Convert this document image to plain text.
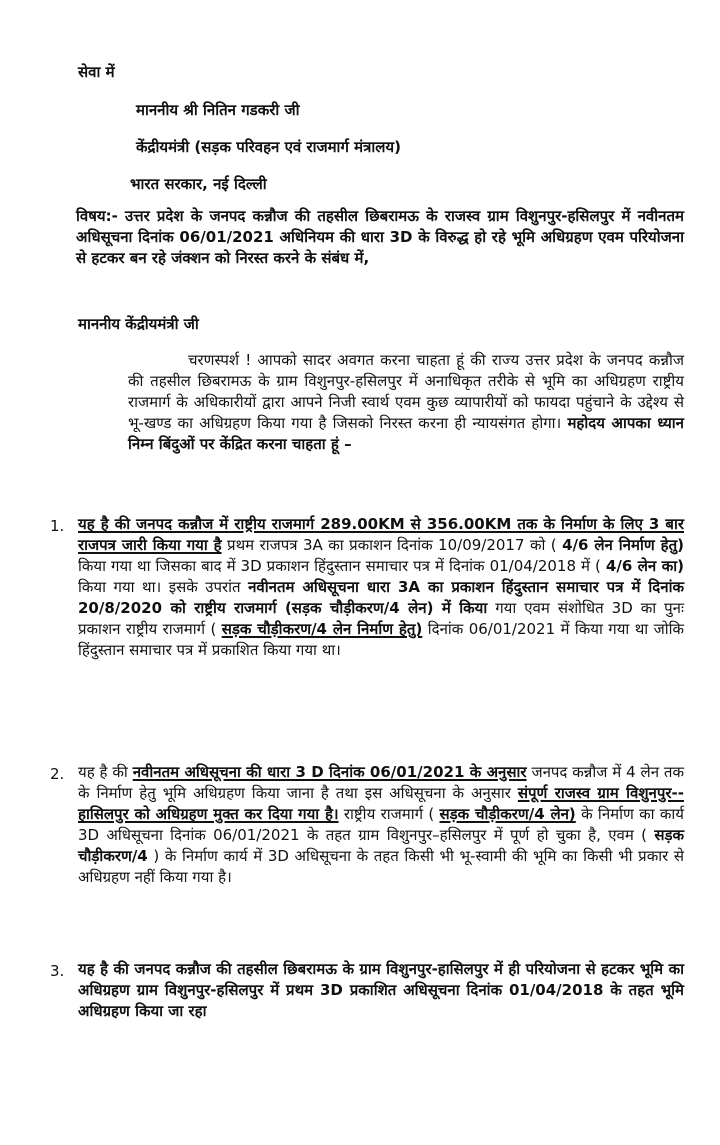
सेवा में
माननीय श्री नितिन गडकरी जी
केंद्रीयमंत्री (सड़क परिवहन एवं राजमार्ग मंत्रालय)
भारत सरकार, नई दिल्ली
विषय:- उत्तर प्रदेश के जनपद कन्नौज की तहसील छिबरामऊ के राजस्व ग्राम विशुनपुर-हसिलपुर में नवीनतम अधिसूचना दिनांक 06/01/2021 अधिनियम की धारा 3D के विरुद्ध हो रहे भूमि अधिग्रहण एवम परियोजना से हटकर बन रहे जंक्शन को निरस्त करने के संबंध में,
माननीय केंद्रीयमंत्री जी
चरणस्पर्श ! आपको सादर अवगत करना चाहता हूं की राज्य उत्तर प्रदेश के जनपद कन्नौज की तहसील छिबरामऊ के ग्राम विशुनपुर-हसिलपुर में अनाधिकृत तरीके से भूमि का अधिग्रहण राष्ट्रीय राजमार्ग के अधिकारीयों द्वारा आपने निजी स्वार्थ एवम कुछ व्यापारीयों को फायदा पहुंचाने के उद्देश्य से भू-खण्ड का अधिग्रहण किया गया है जिसको निरस्त करना ही न्यायसंगत होगा। महोदय आपका ध्यान निम्न बिंदुओं पर केंद्रित करना चाहता हूं –
1. यह है की जनपद कन्नौज में राष्ट्रीय राजमार्ग 289.00KM से 356.00KM तक के निर्माण के लिए 3 बार राजपत्र जारी किया गया है प्रथम राजपत्र 3A का प्रकाशन दिनांक 10/09/2017 को ( 4/6 लेन निर्माण हेतु) किया गया था जिसका बाद में 3D प्रकाशन हिंदुस्तान समाचार पत्र में दिनांक 01/04/2018 में ( 4/6 लेन का) किया गया था। इसके उपरांत नवीनतम अधिसूचना धारा 3A का प्रकाशन हिंदुस्तान समाचार पत्र में दिनांक 20/8/2020 को राष्ट्रीय राजमार्ग (सड़क चौड़ीकरण/4 लेन) में किया गया एवम संशोधित 3D का पुनः प्रकाशन राष्ट्रीय राजमार्ग ( सड़क चौड़ीकरण/4 लेन निर्माण हेतु) दिनांक 06/01/2021 में किया गया था जोकि हिंदुस्तान समाचार पत्र में प्रकाशित किया गया था।
2. यह है की नवीनतम अधिसूचना की धारा 3 D दिनांक 06/01/2021 के अनुसार जनपद कन्नौज में 4 लेन तक के निर्माण हेतु भूमि अधिग्रहण किया जाना है तथा इस अधिसूचना के अनुसार संपूर्ण राजस्व ग्राम विशुनपुर--हासिलपुर को अधिग्रहण मुक्त कर दिया गया है। राष्ट्रीय राजमार्ग ( सड़क चौड़ीकरण/4 लेन) के निर्माण का कार्य 3D अधिसूचना दिनांक 06/01/2021 के तहत ग्राम विशुनपुर–हसिलपुर में पूर्ण हो चुका है, एवम ( सड़क चौड़ीकरण/4 ) के निर्माण कार्य में 3D अधिसूचना के तहत किसी भी भू-स्वामी की भूमि का किसी भी प्रकार से अधिग्रहण नहीं किया गया है।
3. यह है की जनपद कन्नौज की तहसील छिबरामऊ के ग्राम विशुनपुर-हासिलपुर में ही परियोजना से हटकर भूमि का अधिग्रहण ग्राम विशुनपुर-हसिलपुर में प्रथम 3D प्रकाशित अधिसूचना दिनांक 01/04/2018 के तहत भूमि अधिग्रहण किया जा रहा
